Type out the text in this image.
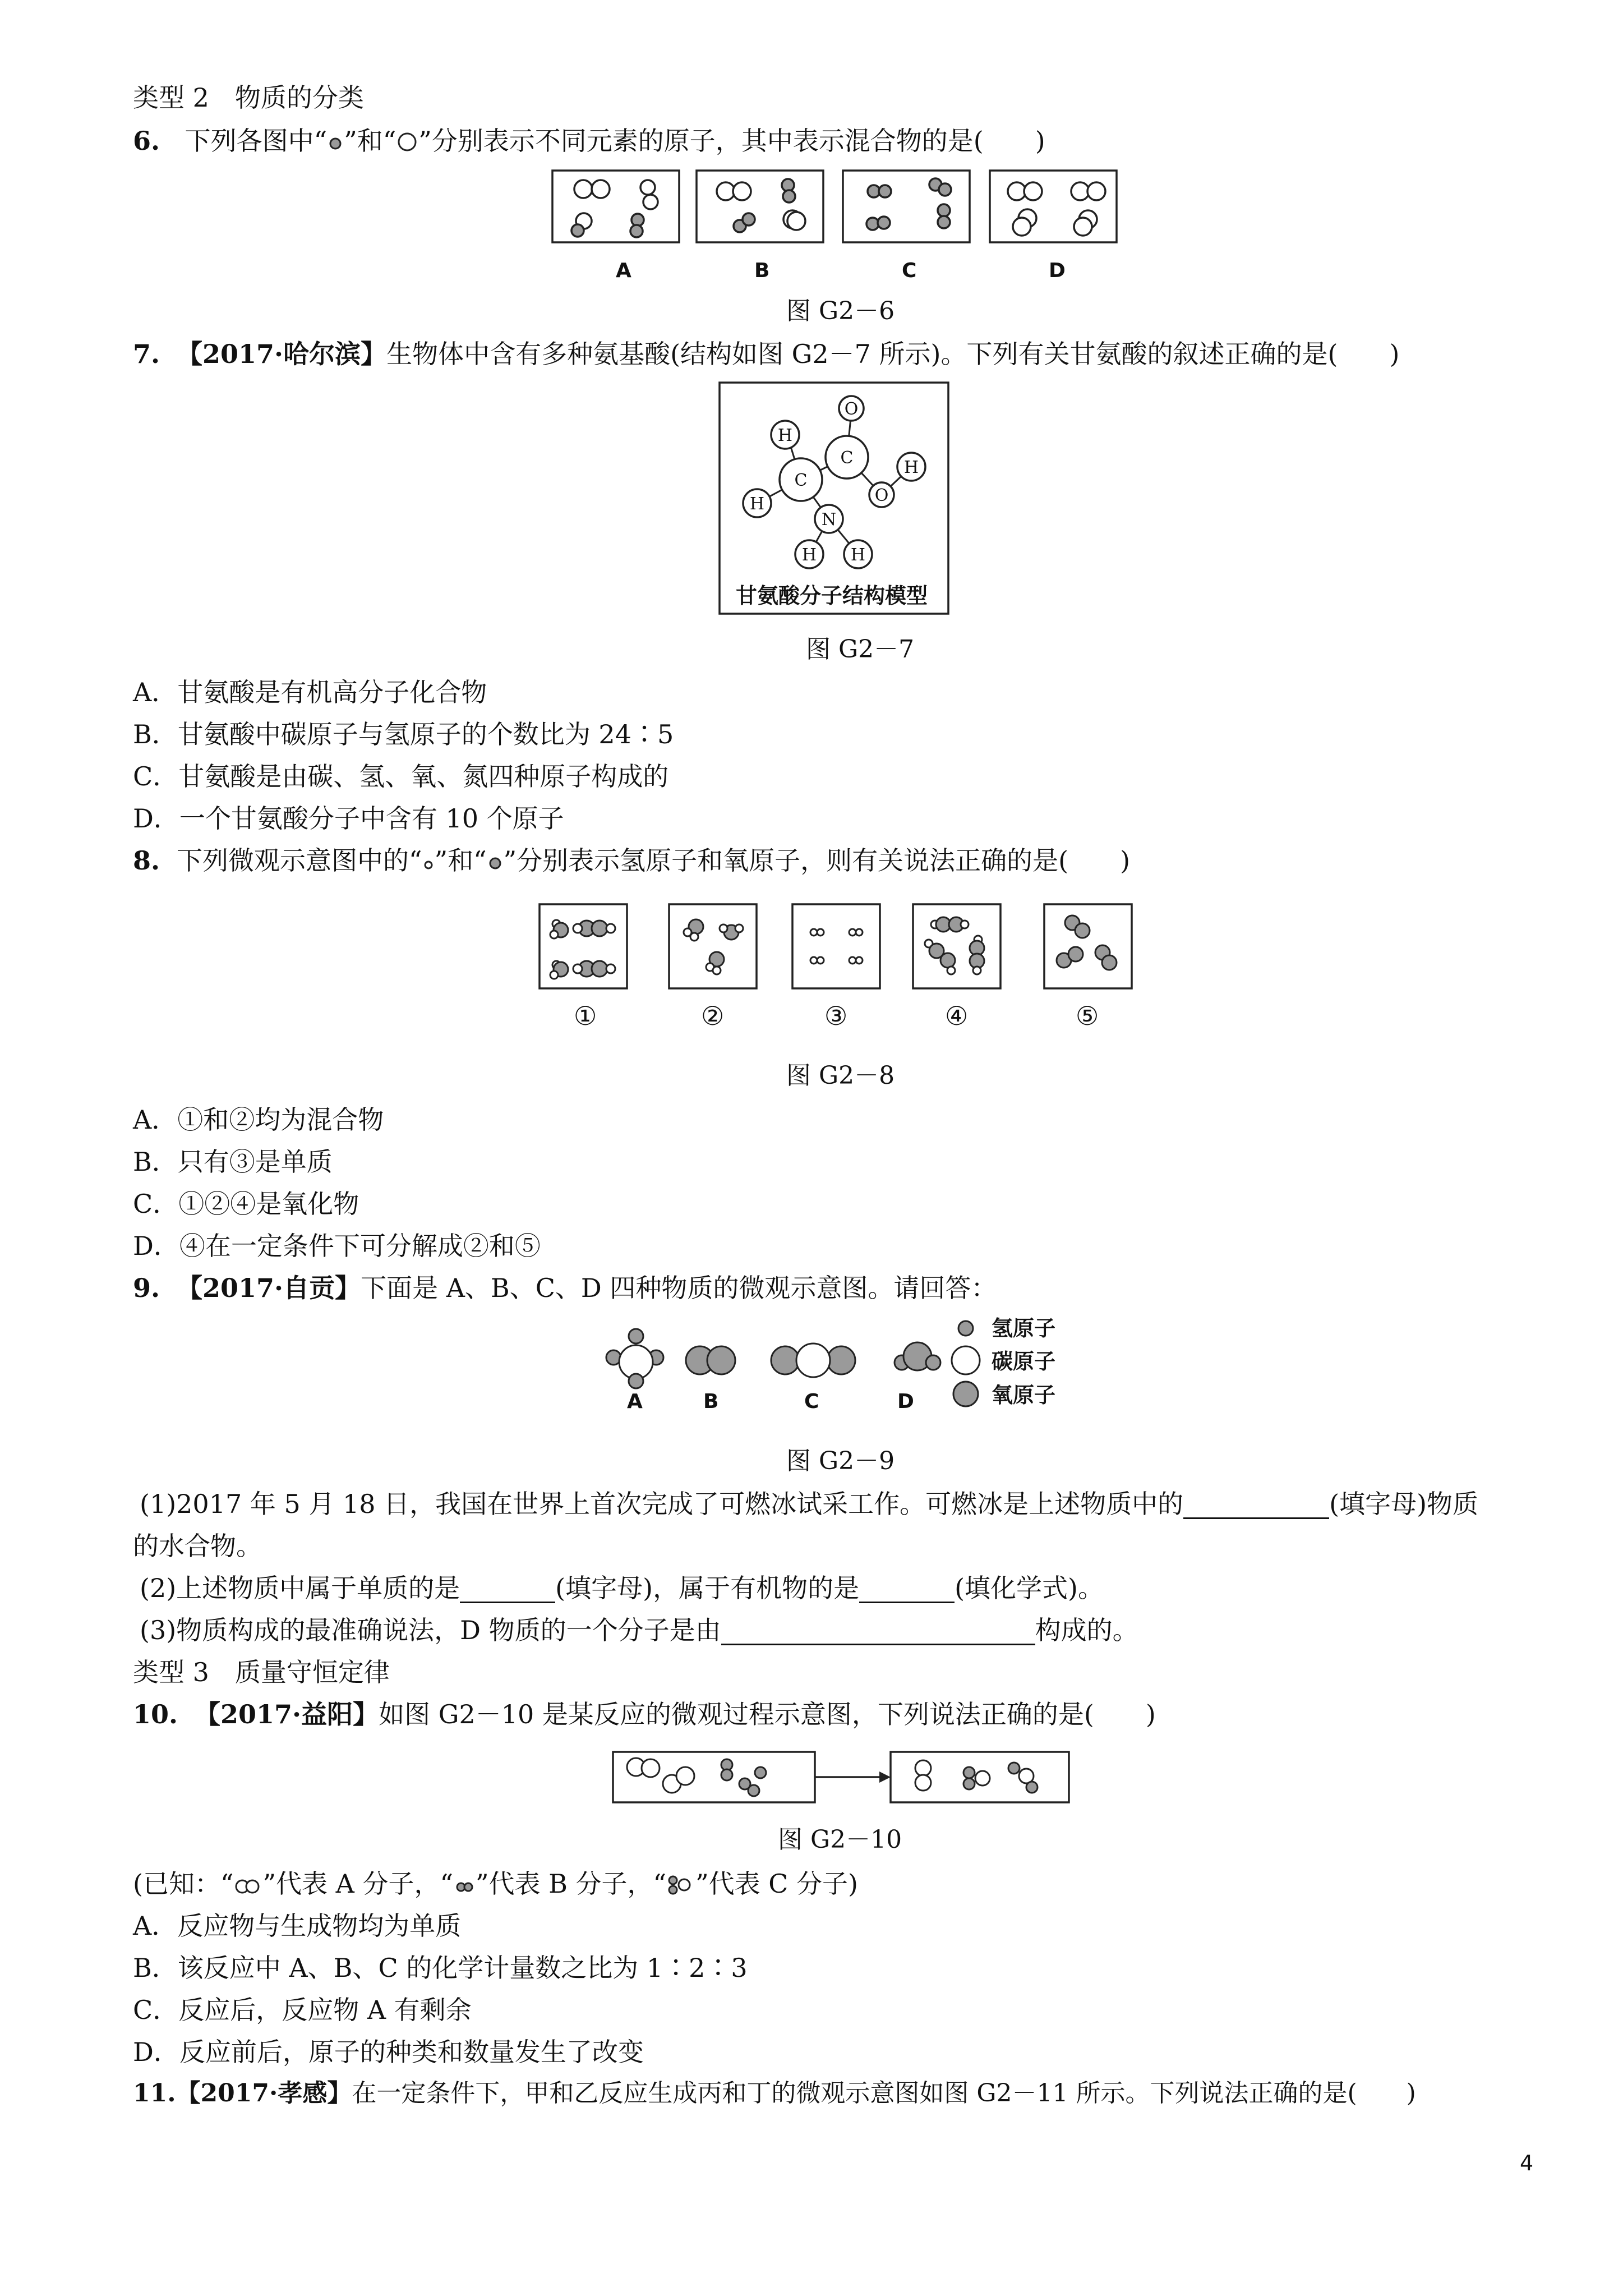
类型 2　物质的分类
6. 下列各图中“ ”和“ ”分别表示不同元素的原子，其中表示混合物的是(　　)
A	B	C	D
图 G2－6
7. 【2017·哈尔滨】生物体中含有多种氨基酸(结构如图 G2－7 所示)。下列有关甘氨酸的叙述正确的是(　　)
O
H
C
C	H
H	O
N
H H
甘氨酸分子结构模型
图 G2－7
A．甘氨酸是有机高分子化合物
B．甘氨酸中碳原子与氢原子的个数比为 24∶5
C．甘氨酸是由碳、氢、氧、氮四种原子构成的
D．一个甘氨酸分子中含有 10 个原子
8. 下列微观示意图中的“ ”和“ ”分别表示氢原子和氧原子，则有关说法正确的是(　　)
①	②	③	④	⑤
图 G2－8
A．①和②均为混合物
B．只有③是单质
C．①②④是氧化物
D．④在一定条件下可分解成②和⑤
9. 【2017·自贡】下面是 A、B、C、D 四种物质的微观示意图。请回答：
A	B	C	D
氢原子
碳原子
氧原子
图 G2－9
(1)2017 年 5 月 18 日，我国在世界上首次完成了可燃冰试采工作。可燃冰是上述物质中的	(填字母)物质
的水合物。
(2)上述物质中属于单质的是	(填字母)，属于有机物的是	(填化学式)。
(3)物质构成的最准确说法，D 物质的一个分子是由	构成的。
类型 3　质量守恒定律
10. 【2017·益阳】如图 G2－10 是某反应的微观过程示意图，下列说法正确的是(　　)
图 G2－10
(已知：“ ”代表 A 分子，“ ”代表 B 分子，“ ”代表 C 分子)
A．反应物与生成物均为单质
B．该反应中 A、B、C 的化学计量数之比为 1∶2∶3
C．反应后，反应物 A 有剩余
D．反应前后，原子的种类和数量发生了改变
11.【2017·孝感】在一定条件下，甲和乙反应生成丙和丁的微观示意图如图 G2－11 所示。下列说法正确的是(　　)
4
